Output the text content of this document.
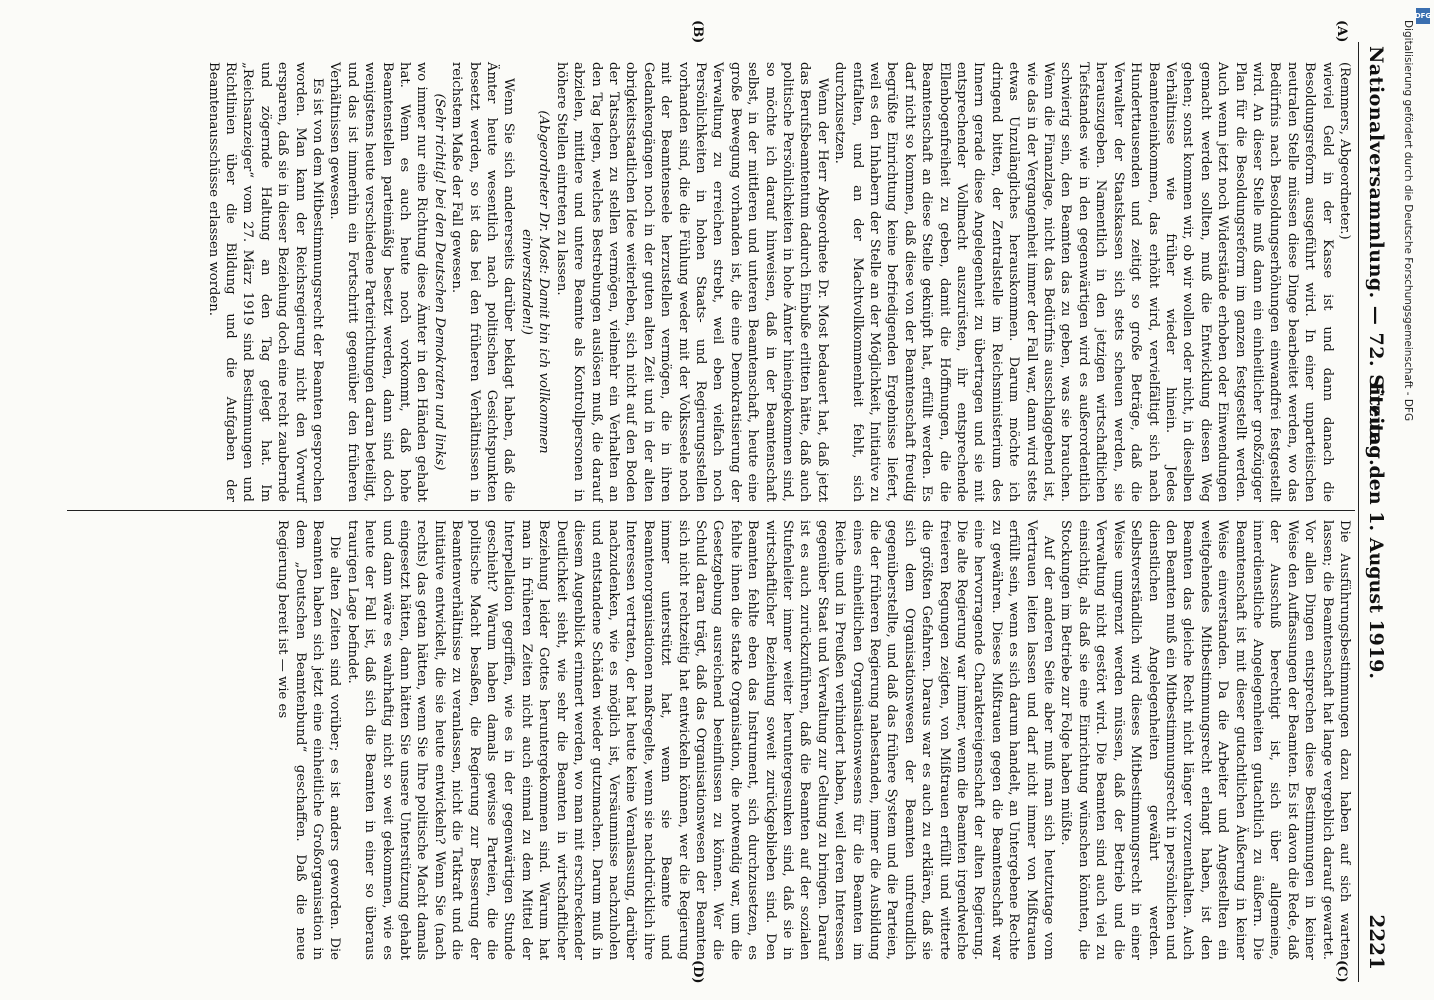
DFG
Digitalisierung gefördert durch die Deutsche Forschungsgemeinschaft - DFG
Nationalversammlung. — 72. Sitzung.
Freitag den 1. August 1919.
2221
(A)
(B)
(C)
(D)

(Remmers, Abgeordneter.)

wieviel Geld in der Kasse ist und dann danach die Besoldungsreform ausgeführt wird. In einer unparteiischen neutralen Stelle müssen diese Dinge bearbeitet werden, wo das Bedürfnis nach Besoldungserhöhungen einwandfrei festgestellt wird. An dieser Stelle muß dann ein einheitlicher großzügiger Plan für die Besoldungsreform im ganzen festgestellt werden. Auch wenn jetzt noch Widerstände erhoben oder Einwendungen gemacht werden sollten, muß die Entwicklung diesen Weg gehen; sonst kommen wir, ob wir wollen oder nicht, in dieselben Verhältnisse wie früher wieder hinein. Jedes Beamteneinkommen, das erhöht wird, vervielfältigt sich nach Hunderttausenden und zeitigt so große Beträge, daß die Verwalter der Staatskassen sich stets scheuen werden, sie herauszugeben. Namentlich in den jetzigen wirtschaftlichen Tiefstandes wie in den gegenwärtigen wird es außerordentlich schwierig sein, den Beamten das zu geben, was sie brauchen. Wenn die Finanzlage, nicht das Bedürfnis ausschlaggebend ist, wie das in der Vergangenheit immer der Fall war, dann wird stets etwas Unzulängliches herauskommen. Darum möchte ich dringend bitten, der Zentralstelle im Reichsministerium des Innern gerade diese Angelegenheit zu übertragen und sie mit entsprechender Vollmacht auszurüsten, ihr entsprechende Ellenbogenfreiheit zu geben, damit die Hoffnungen, die die Beamtenschaft an diese Stelle geknüpft hat, erfüllt werden. Es darf nicht so kommen, daß diese von der Beamtenschaft freudig begrüßte Einrichtung keine befriedigenden Ergebnisse liefert, weil es den Inhabern der Stelle an der Möglichkeit, Initiative zu entfalten, und an der Machtvollkommenheit fehlt, sich durchzusetzen.

Wenn der Herr Abgeordnete Dr. Most bedauert hat, daß jetzt das Berufsbeamtentum dadurch Einbuße erlitten hätte, daß auch politische Persönlichkeiten in hohe Ämter hineingekommen sind, so möchte ich darauf hinweisen, daß in der Beamtenschaft selbst, in der mittleren und unteren Beamtenschaft, heute eine große Bewegung vorhanden ist, die eine Demokratisierung der Verwaltung zu erreichen strebt, weil eben vielfach noch Persönlichkeiten in hohen Staats- und Regierungsstellen vorhanden sind, die die Fühlung weder mit der Volksseele noch mit der Beamtenseele herzustellen vermögen, die in ihren Gedankengängen noch in der guten alten Zeit und in der alten obrigkeitsstaatlichen Idee weiterleben, sich nicht auf den Boden der Tatsachen zu stellen vermögen, vielmehr ein Verhalten an den Tag legen, welches Bestrebungen auslösen muß, die darauf abzielen, mittlere und untere Beamte als Kontrollpersonen in höhere Stellen eintreten zu lassen.

(Abgeordneter Dr. Most: Damit bin ich vollkommen einverstanden!)

Wenn Sie sich andererseits darüber beklagt haben, daß die Ämter heute wesentlich nach politischen Gesichtspunkten besetzt werden, so ist das bei den früheren Verhältnissen in reichstem Maße der Fall gewesen.

(Sehr richtig! bei den Deutschen Demokraten und links)

wo immer nur eine Richtung diese Ämter in den Händen gehabt hat. Wenn es auch heute noch vorkommt, daß hohe Beamtenstellen parteimäßig besetzt werden, dann sind doch wenigstens heute verschiedene Parteirichtungen daran beteiligt, und das ist immerhin ein Fortschritt gegenüber den früheren Verhältnissen gewesen.

Es ist von dem Mitbestimmungsrecht der Beamten gesprochen worden. Man kann der Reichsregierung nicht den Vorwurf ersparen, daß sie in dieser Beziehung doch eine recht zaubernde und zögernde Haltung an den Tag gelegt hat. Im „Reichsanzeiger“ vom 27. März 1919 sind Bestimmungen und Richtlinien über die Bildung und die Aufgaben der Beamtenausschüsse erlassen worden.

Die Ausführungsbestimmungen dazu haben auf sich warten lassen; die Beamtenschaft hat lange vergeblich darauf gewartet. Vor allen Dingen entsprechen diese Bestimmungen in keiner Weise den Auffassungen der Beamten. Es ist davon die Rede, daß der Ausschuß berechtigt ist, sich über allgemeine, innerdienstliche Angelegenheiten gutachtlich zu äußern. Die Beamtenschaft ist mit dieser gutachtlichen Äußerung in keiner Weise einverstanden. Da die Arbeiter und Angestellten ein weitgehendes Mitbestimmungsrecht erlangt haben, ist den Beamten das gleiche Recht nicht länger vorzuenthalten. Auch den Beamten muß ein Mitbestimmungsrecht in persönlichen und dienstlichen Angelegenheiten gewährt werden. Selbstverständlich wird dieses Mitbestimmungsrecht in einer Weise umgrenzt werden müssen, daß der Betrieb und die Verwaltung nicht gestört wird. Die Beamten sind auch viel zu einsichtig, als daß sie eine Einrichtung wünschen könnten, die Stockungen im Betriebe zur Folge haben müßte.

Auf der anderen Seite aber muß man sich heutzutage vom Vertrauen leiten lassen und darf nicht immer von Mißtrauen erfüllt sein, wenn es sich darum handelt, an Untergebene Rechte zu gewähren. Dieses Mißtrauen gegen die Beamtenschaft war eine hervorragende Charaktereigenschaft der alten Regierung. Die alte Regierung war immer, wenn die Beamten irgendwelche freieren Regungen zeigten, von Mißtrauen erfüllt und witterte die größten Gefahren. Daraus war es auch zu erklären, daß sie sich dem Organisationswesen der Beamten unfreundlich gegenüberstellte, und daß das frühere System und die Parteien, die der früheren Regierung nahestanden, immer die Ausbildung eines einheitlichen Organisationswesens für die Beamten im Reiche und in Preußen verhindert haben, weil deren Interessen gegenüber Staat und Verwaltung zur Geltung zu bringen. Darauf ist es auch zurückzuführen, daß die Beamten auf der sozialen Stufenleiter immer weiter heruntergesunken sind, daß sie in wirtschaftlicher Beziehung soweit zurückgeblieben sind. Den Beamten fehlte eben das Instrument, sich durchzusetzen, es fehlte ihnen die starke Organisation, die notwendig war, um die Gesetzgebung ausreichend beeinflussen zu können. Wer die Schuld daran trägt, daß das Organisationswesen der Beamten sich nicht rechtzeitig hat entwickeln können, wer die Regierung immer unterstützt hat, wenn sie Beamte und Beamtenorganisationen maßregelte, wenn sie nachdrücklich ihre Interessen vertraten, der hat heute keine Veranlassung, darüber nachzudenken, wie es möglich ist, Versäumnisse nachzuholen und entstandene Schäden wieder gutzumachen. Darum muß in diesem Augenblick erinnert werden, wo man mit erschreckender Deutlichkeit sieht, wie sehr die Beamten in wirtschaftlicher Beziehung leider Gottes heruntergekommen sind. Warum hat man in früheren Zeiten nicht auch einmal zu dem Mittel der Interpellation gegriffen, wie es in der gegenwärtigen Stunde geschieht? Warum haben damals gewisse Parteien, die die politische Macht besaßen, die Regierung zur Besserung der Beamtenverhältnisse zu veranlassen, nicht die Tatkraft und die Initiative entwickelt, die sie heute entwickeln? Wenn Sie (nach rechts) das getan hätten, wenn Sie Ihre politische Macht damals eingesetzt hätten, dann hätten Sie unsere Unterstützung gehabt und dann wäre es wahrhaftig nicht so weit gekommen, wie es heute der Fall ist, daß sich die Beamten in einer so überaus traurigen Lage befindet.

Die alten Zeiten sind vorüber; es ist anders geworden. Die Beamten haben sich jetzt eine einheitliche Großorganisation in dem „Deutschen Beamtenbund“ geschaffen. Daß die neue Regierung bereit ist — wie es
